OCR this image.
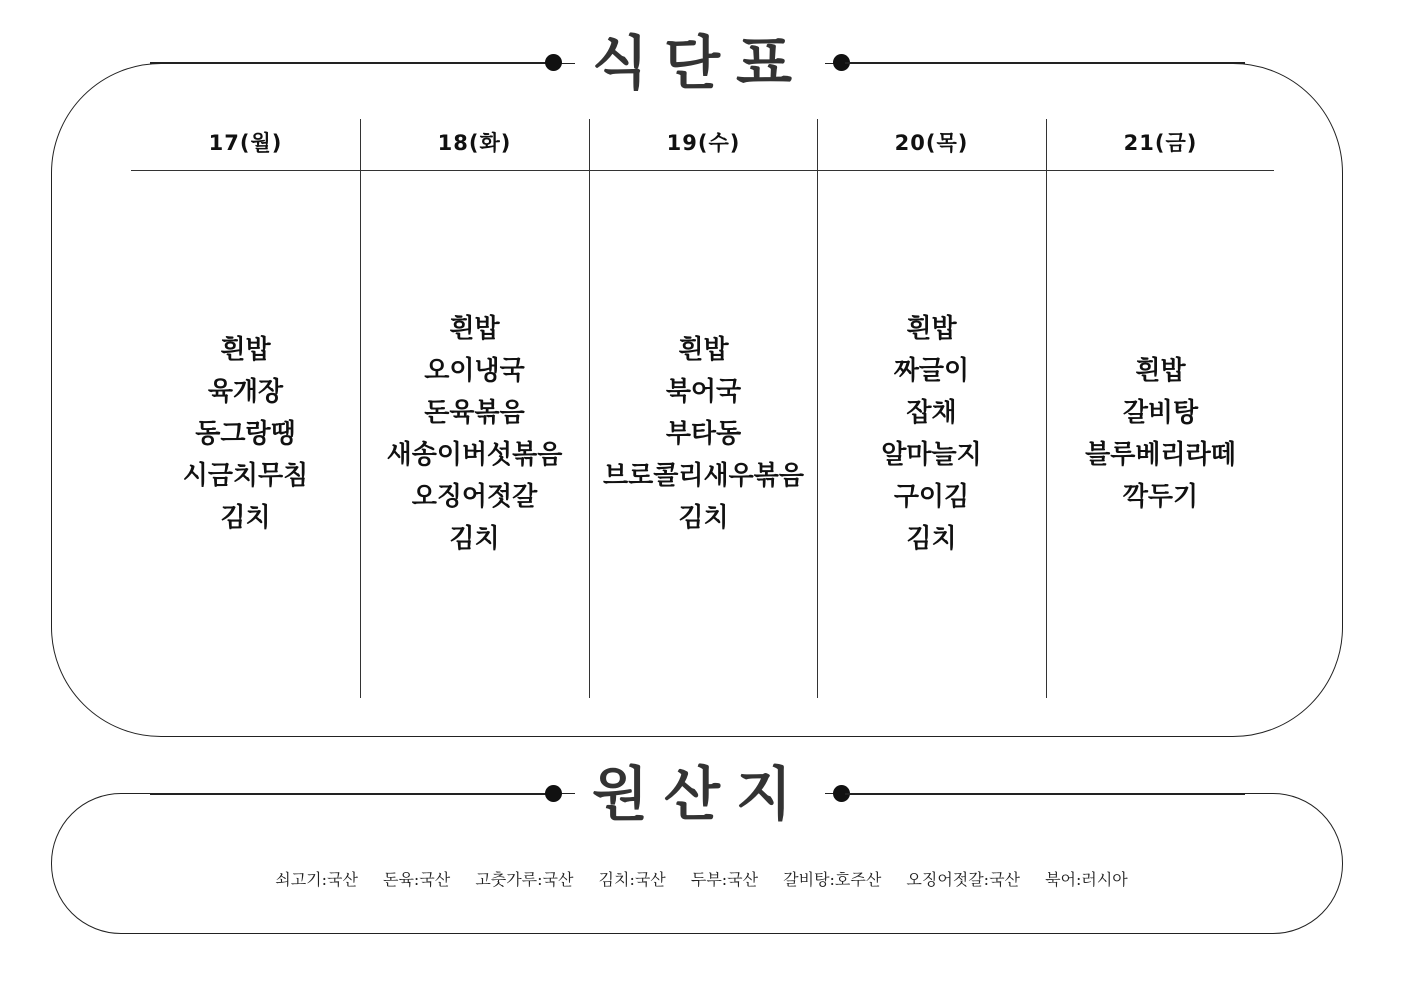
식단표
17(월)
흰밥
육개장
동그랑땡
시금치무침
김치
18(화)
흰밥
오이냉국
돈육볶음
새송이버섯볶음
오징어젓갈
김치
19(수)
흰밥
북어국
부타동
브로콜리새우볶음
김치
20(목)
흰밥
짜글이
잡채
알마늘지
구이김
김치
21(금)
흰밥
갈비탕
블루베리라떼
깍두기
원산지
쇠고기:국산 돈육:국산 고춧가루:국산 김치:국산 두부:국산 갈비탕:호주산 오징어젓갈:국산 북어:러시아
